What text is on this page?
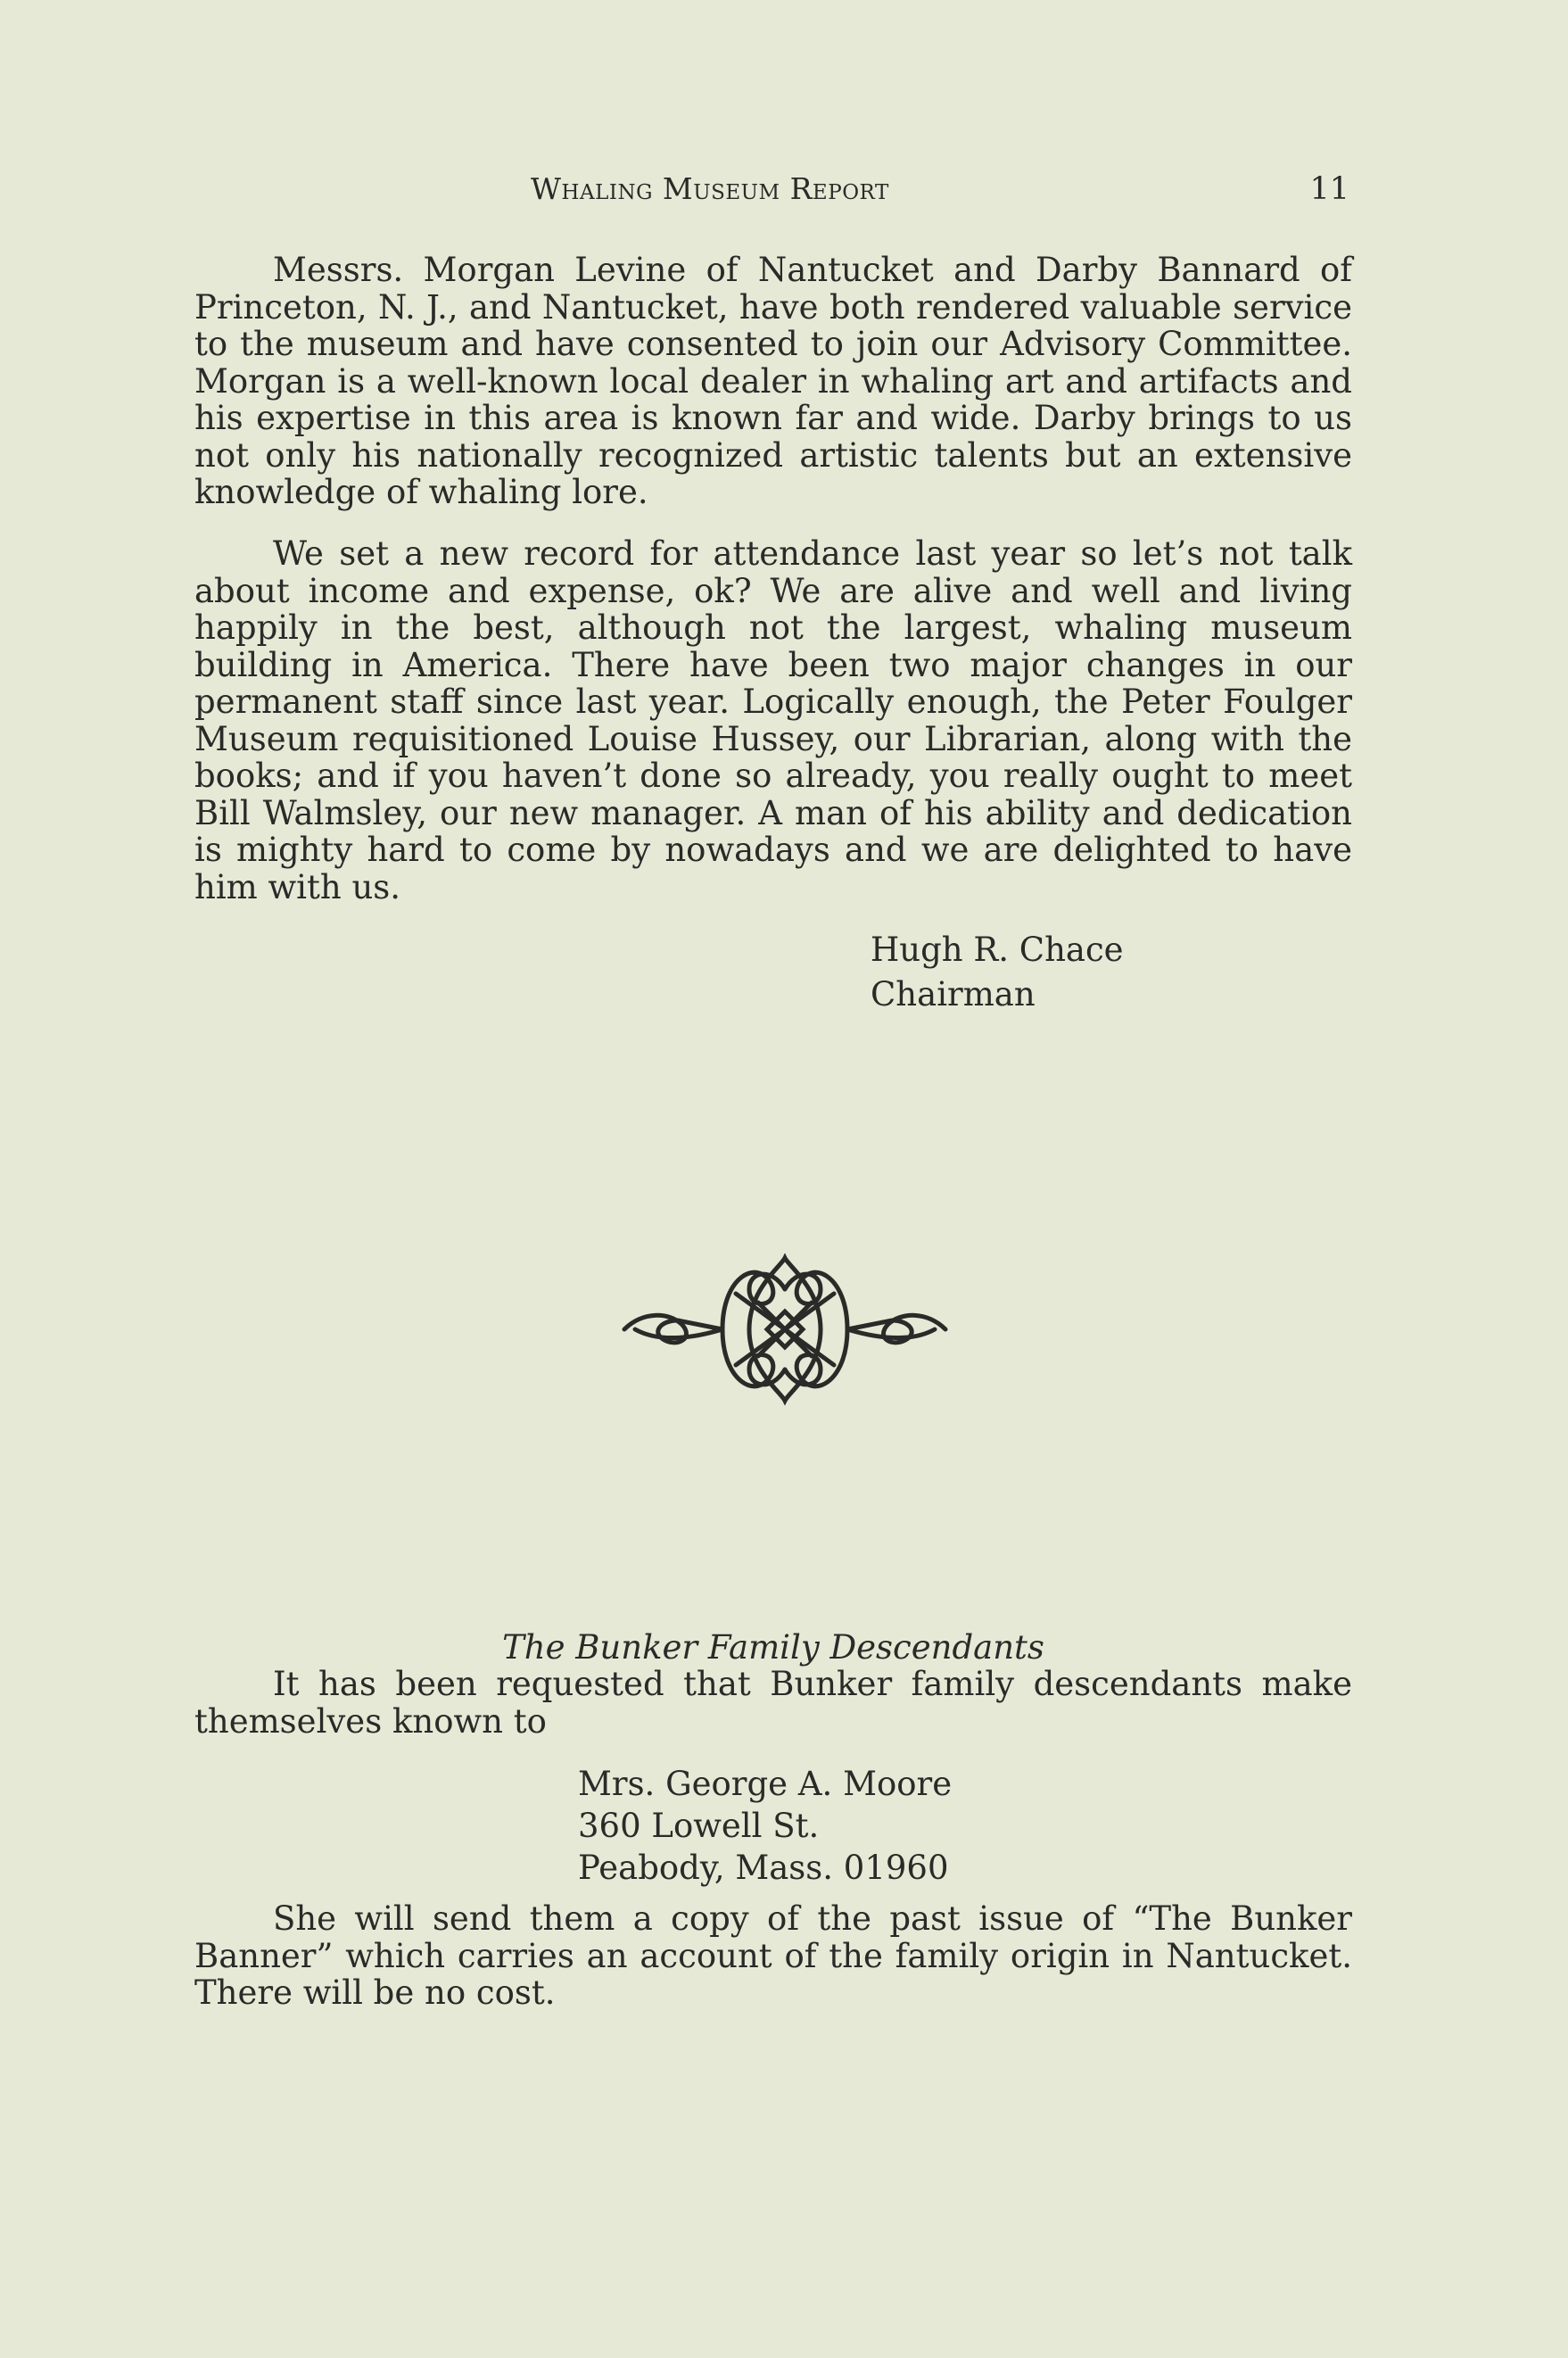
Whaling Museum Report	11

Messrs. Morgan Levine of Nantucket and Darby Bannard of Princeton, N. J., and Nantucket, have both rendered valuable service to the museum and have consented to join our Advisory Committee. Morgan is a well-known local dealer in whaling art and artifacts and his expertise in this area is known far and wide. Darby brings to us not only his nationally recognized artistic talents but an extensive knowledge of whaling lore.

We set a new record for attendance last year so let’s not talk about income and expense, ok? We are alive and well and living happily in the best, although not the largest, whaling museum building in America. There have been two major changes in our permanent staff since last year. Logically enough, the Peter Foulger Museum requisitioned Louise Hussey, our Librarian, along with the books; and if you haven’t done so already, you really ought to meet Bill Walmsley, our new manager. A man of his ability and dedication is mighty hard to come by nowadays and we are delighted to have him with us.

Hugh R. Chace
Chairman
The Bunker Family Descendants

It has been requested that Bunker family descendants make themselves known to

Mrs. George A. Moore
360 Lowell St.
Peabody, Mass. 01960

She will send them a copy of the past issue of “The Bunker Banner” which carries an account of the family origin in Nantucket. There will be no cost.
